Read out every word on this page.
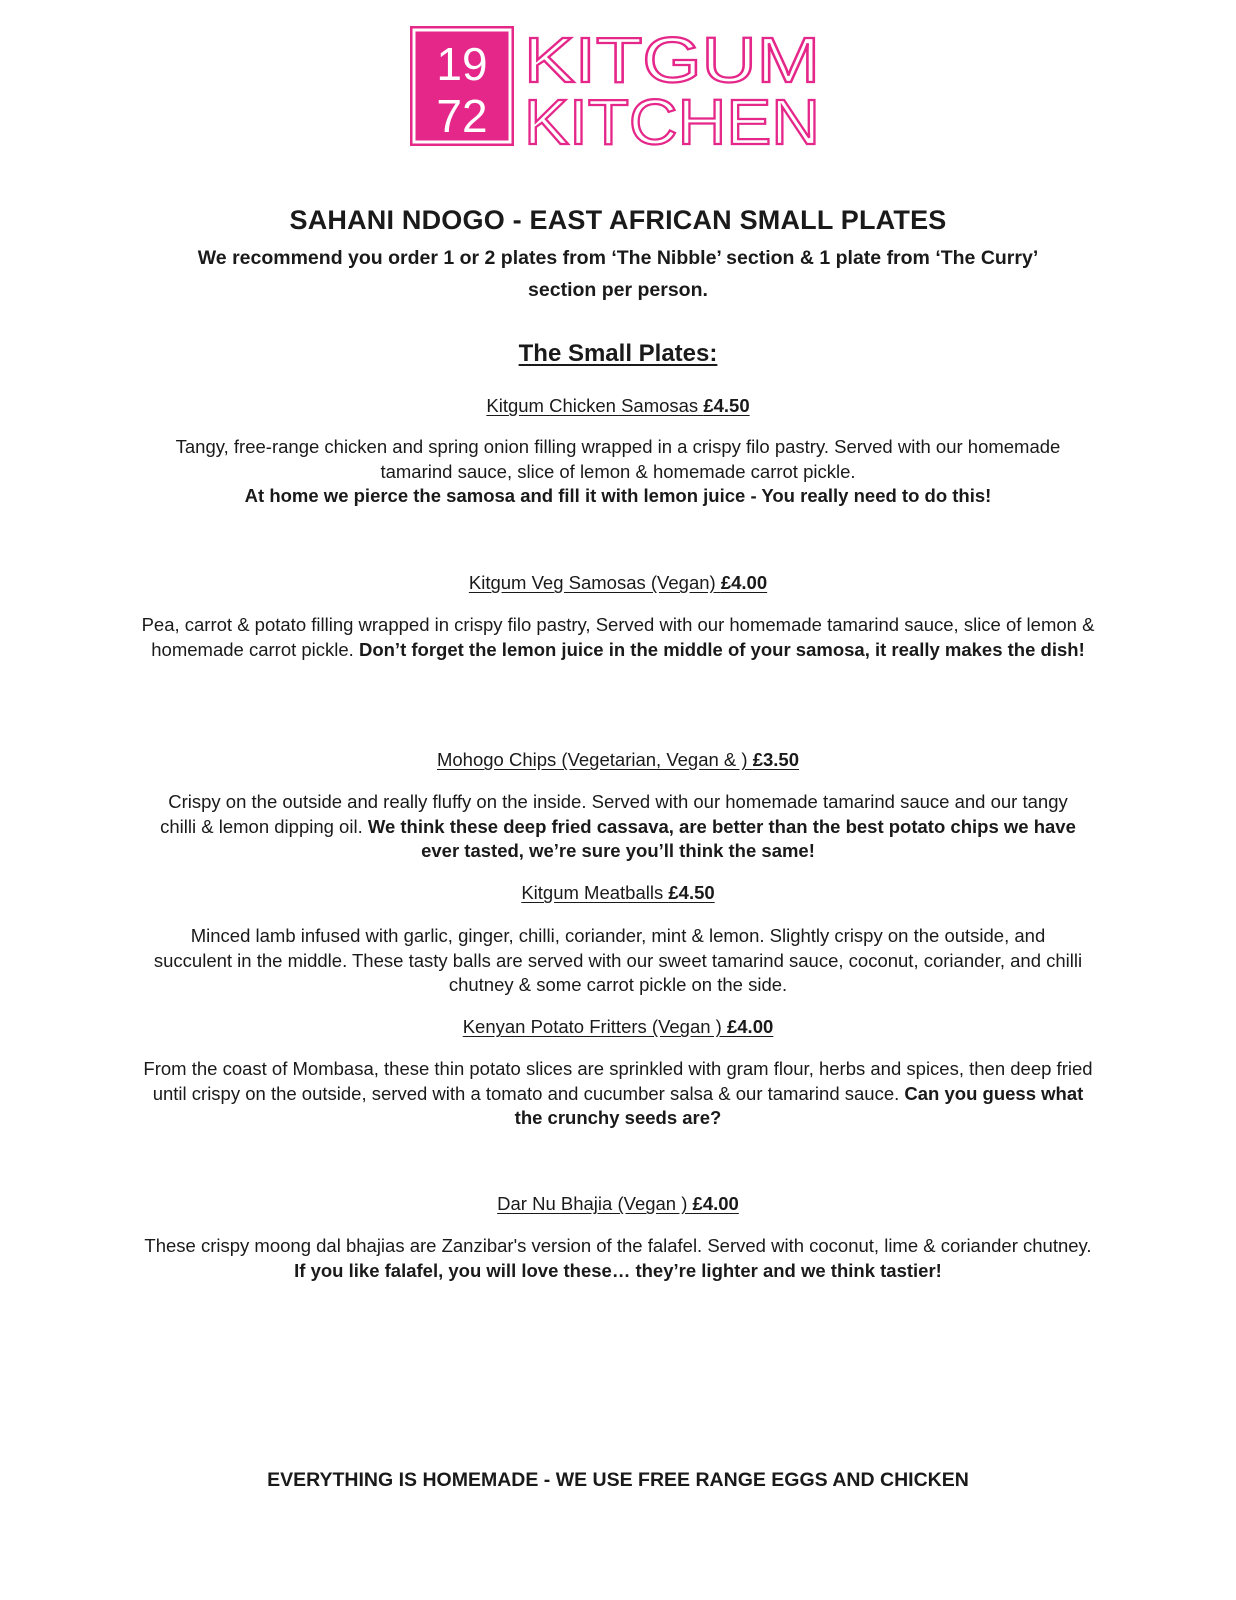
19
72
KITGUM
KITCHEN
SAHANI NDOGO - EAST AFRICAN SMALL PLATES
We recommend you order 1 or 2 plates from ‘The Nibble’ section & 1 plate from ‘The Curry’ section per person.
The Small Plates:
Kitgum Chicken Samosas £4.50
Tangy, free-range chicken and spring onion filling wrapped in a crispy filo pastry. Served with our homemade tamarind sauce, slice of lemon & homemade carrot pickle.
At home we pierce the samosa and fill it with lemon juice - You really need to do this!
Kitgum Veg Samosas (Vegan) £4.00
Pea, carrot & potato filling wrapped in crispy filo pastry, Served with our homemade tamarind sauce, slice of lemon & homemade carrot pickle. Don’t forget the lemon juice in the middle of your samosa, it really makes the dish!
Mohogo Chips (Vegetarian, Vegan & ) £3.50
Crispy on the outside and really fluffy on the inside. Served with our homemade tamarind sauce and our tangy chilli & lemon dipping oil. We think these deep fried cassava, are better than the best potato chips we have ever tasted, we’re sure you’ll think the same!
Kitgum Meatballs £4.50
Minced lamb infused with garlic, ginger, chilli, coriander, mint & lemon. Slightly crispy on the outside, and succulent in the middle. These tasty balls are served with our sweet tamarind sauce, coconut, coriander, and chilli chutney & some carrot pickle on the side.
Kenyan Potato Fritters (Vegan ) £4.00
From the coast of Mombasa, these thin potato slices are sprinkled with gram flour, herbs and spices, then deep fried until crispy on the outside, served with a tomato and cucumber salsa & our tamarind sauce. Can you guess what the crunchy seeds are?
Dar Nu Bhajia (Vegan ) £4.00
These crispy moong dal bhajias are Zanzibar's version of the falafel. Served with coconut, lime & coriander chutney. If you like falafel, you will love these… they’re lighter and we think tastier!
EVERYTHING IS HOMEMADE - WE USE FREE RANGE EGGS AND CHICKEN
